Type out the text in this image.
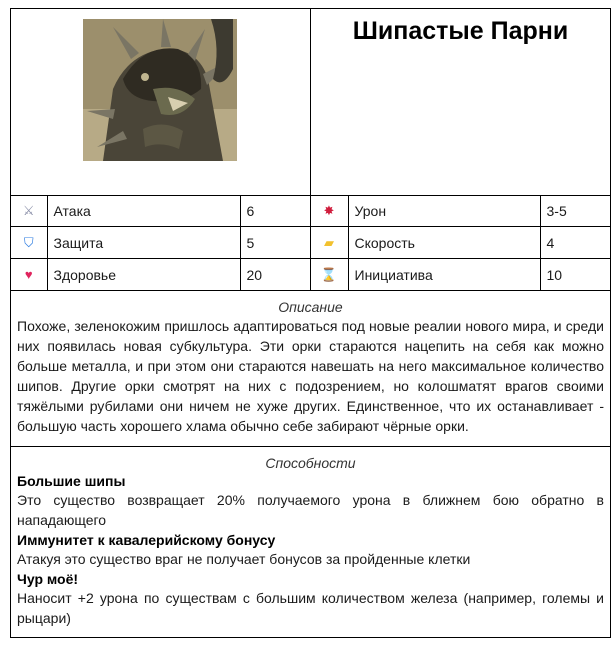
Шипастые Парни
⚔	Атака	6	✸	Урон	3-5
⛉	Защита	5	▰	Скорость	4
♥	Здоровье	20	⌛	Инициатива	10
Описание

Похоже, зеленокожим пришлось адаптироваться под новые реалии нового мира, и среди них появилась новая субкультура. Эти орки стараются нацепить на себя как можно больше металла, и при этом они стараются навешать на него максимальное количество шипов. Другие орки смотрят на них с подозрением, но колошматят врагов своими тяжёлыми рубилами они ничем не хуже других. Единственное, что их останавливает - большую часть хорошего хлама обычно себе забирают чёрные орки.

Способности
Большие шипы
Это существо возвращает 20% получаемого урона в ближнем бою обратно в нападающего
Иммунитет к кавалерийскому бонусу
Атакуя это существо враг не получает бонусов за пройденные клетки
Чур моё!
Наносит +2 урона по существам с большим количеством железа (например, големы и рыцари)
